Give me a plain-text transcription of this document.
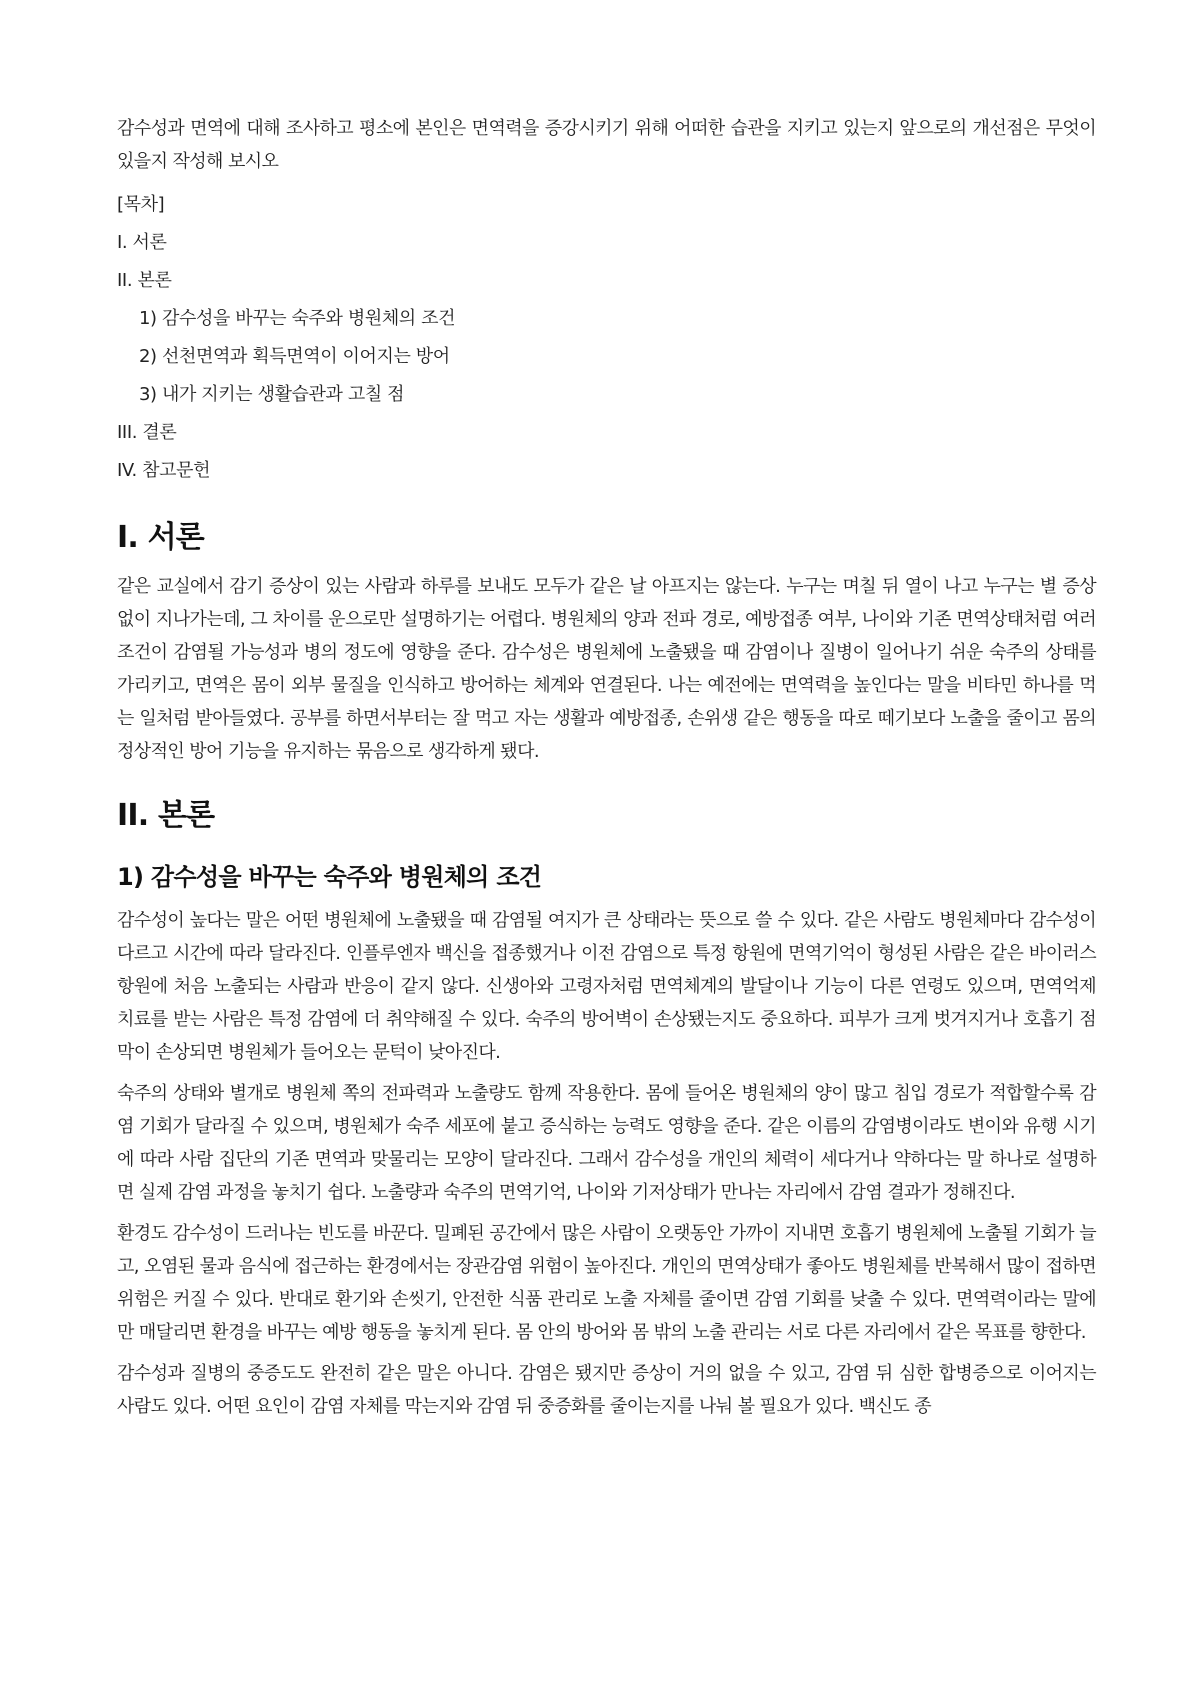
감수성과 면역에 대해 조사하고 평소에 본인은 면역력을 증강시키기 위해 어떠한 습관을 지키고 있는지 앞으로의 개선점은 무엇이 있을지 작성해 보시오

[목차]

I. 서론

II. 본론

1) 감수성을 바꾸는 숙주와 병원체의 조건

2) 선천면역과 획득면역이 이어지는 방어

3) 내가 지키는 생활습관과 고칠 점

III. 결론

IV. 참고문헌

I. 서론

같은 교실에서 감기 증상이 있는 사람과 하루를 보내도 모두가 같은 날 아프지는 않는다. 누구는 며칠 뒤 열이 나고 누구는 별 증상 없이 지나가는데, 그 차이를 운으로만 설명하기는 어렵다. 병원체의 양과 전파 경로, 예방접종 여부, 나이와 기존 면역상태처럼 여러 조건이 감염될 가능성과 병의 정도에 영향을 준다. 감수성은 병원체에 노출됐을 때 감염이나 질병이 일어나기 쉬운 숙주의 상태를 가리키고, 면역은 몸이 외부 물질을 인식하고 방어하는 체계와 연결된다. 나는 예전에는 면역력을 높인다는 말을 비타민 하나를 먹는 일처럼 받아들였다. 공부를 하면서부터는 잘 먹고 자는 생활과 예방접종, 손위생 같은 행동을 따로 떼기보다 노출을 줄이고 몸의 정상적인 방어 기능을 유지하는 묶음으로 생각하게 됐다.

II. 본론
1) 감수성을 바꾸는 숙주와 병원체의 조건

감수성이 높다는 말은 어떤 병원체에 노출됐을 때 감염될 여지가 큰 상태라는 뜻으로 쓸 수 있다. 같은 사람도 병원체마다 감수성이 다르고 시간에 따라 달라진다. 인플루엔자 백신을 접종했거나 이전 감염으로 특정 항원에 면역기억이 형성된 사람은 같은 바이러스 항원에 처음 노출되는 사람과 반응이 같지 않다. 신생아와 고령자처럼 면역체계의 발달이나 기능이 다른 연령도 있으며, 면역억제 치료를 받는 사람은 특정 감염에 더 취약해질 수 있다. 숙주의 방어벽이 손상됐는지도 중요하다. 피부가 크게 벗겨지거나 호흡기 점막이 손상되면 병원체가 들어오는 문턱이 낮아진다.

숙주의 상태와 별개로 병원체 쪽의 전파력과 노출량도 함께 작용한다. 몸에 들어온 병원체의 양이 많고 침입 경로가 적합할수록 감염 기회가 달라질 수 있으며, 병원체가 숙주 세포에 붙고 증식하는 능력도 영향을 준다. 같은 이름의 감염병이라도 변이와 유행 시기에 따라 사람 집단의 기존 면역과 맞물리는 모양이 달라진다. 그래서 감수성을 개인의 체력이 세다거나 약하다는 말 하나로 설명하면 실제 감염 과정을 놓치기 쉽다. 노출량과 숙주의 면역기억, 나이와 기저상태가 만나는 자리에서 감염 결과가 정해진다.

환경도 감수성이 드러나는 빈도를 바꾼다. 밀폐된 공간에서 많은 사람이 오랫동안 가까이 지내면 호흡기 병원체에 노출될 기회가 늘고, 오염된 물과 음식에 접근하는 환경에서는 장관감염 위험이 높아진다. 개인의 면역상태가 좋아도 병원체를 반복해서 많이 접하면 위험은 커질 수 있다. 반대로 환기와 손씻기, 안전한 식품 관리로 노출 자체를 줄이면 감염 기회를 낮출 수 있다. 면역력이라는 말에만 매달리면 환경을 바꾸는 예방 행동을 놓치게 된다. 몸 안의 방어와 몸 밖의 노출 관리는 서로 다른 자리에서 같은 목표를 향한다.

감수성과 질병의 중증도도 완전히 같은 말은 아니다. 감염은 됐지만 증상이 거의 없을 수 있고, 감염 뒤 심한 합병증으로 이어지는 사람도 있다. 어떤 요인이 감염 자체를 막는지와 감염 뒤 중증화를 줄이는지를 나눠 볼 필요가 있다. 백신도 종
